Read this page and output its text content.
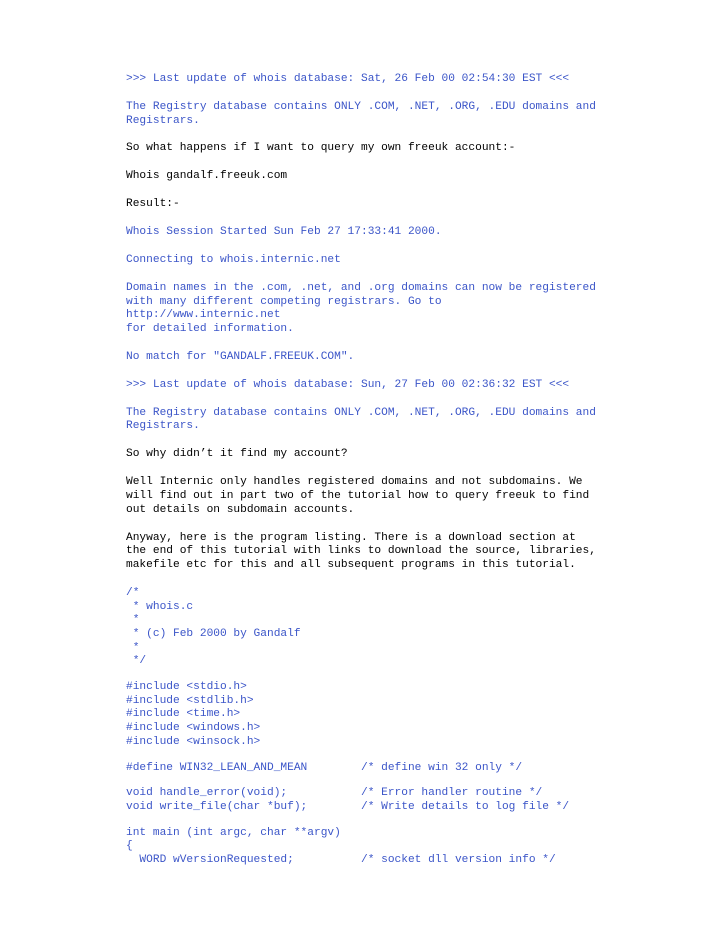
>>> Last update of whois database: Sat, 26 Feb 00 02:54:30 EST <<<
The Registry database contains ONLY .COM, .NET, .ORG, .EDU domains and
Registrars.
So what happens if I want to query my own freeuk account:-
Whois gandalf.freeuk.com
Result:-
Whois Session Started Sun Feb 27 17:33:41 2000.
Connecting to whois.internic.net
Domain names in the .com, .net, and .org domains can now be registered
with many different competing registrars. Go to
http://www.internic.net
for detailed information.
No match for "GANDALF.FREEUK.COM".
>>> Last update of whois database: Sun, 27 Feb 00 02:36:32 EST <<<
The Registry database contains ONLY .COM, .NET, .ORG, .EDU domains and
Registrars.
So why didn’t it find my account?
Well Internic only handles registered domains and not subdomains. We
will find out in part two of the tutorial how to query freeuk to find
out details on subdomain accounts.
Anyway, here is the program listing. There is a download section at
the end of this tutorial with links to download the source, libraries,
makefile etc for this and all subsequent programs in this tutorial.
/*
* whois.c
*
* (c) Feb 2000 by Gandalf
*
*/
#include <stdio.h>
#include <stdlib.h>
#include <time.h>
#include <windows.h>
#include <winsock.h>
#define WIN32_LEAN_AND_MEAN        /* define win 32 only */
void handle_error(void);           /* Error handler routine */
void write_file(char *buf);        /* Write details to log file */
int main (int argc, char **argv)
{
WORD wVersionRequested;          /* socket dll version info */
